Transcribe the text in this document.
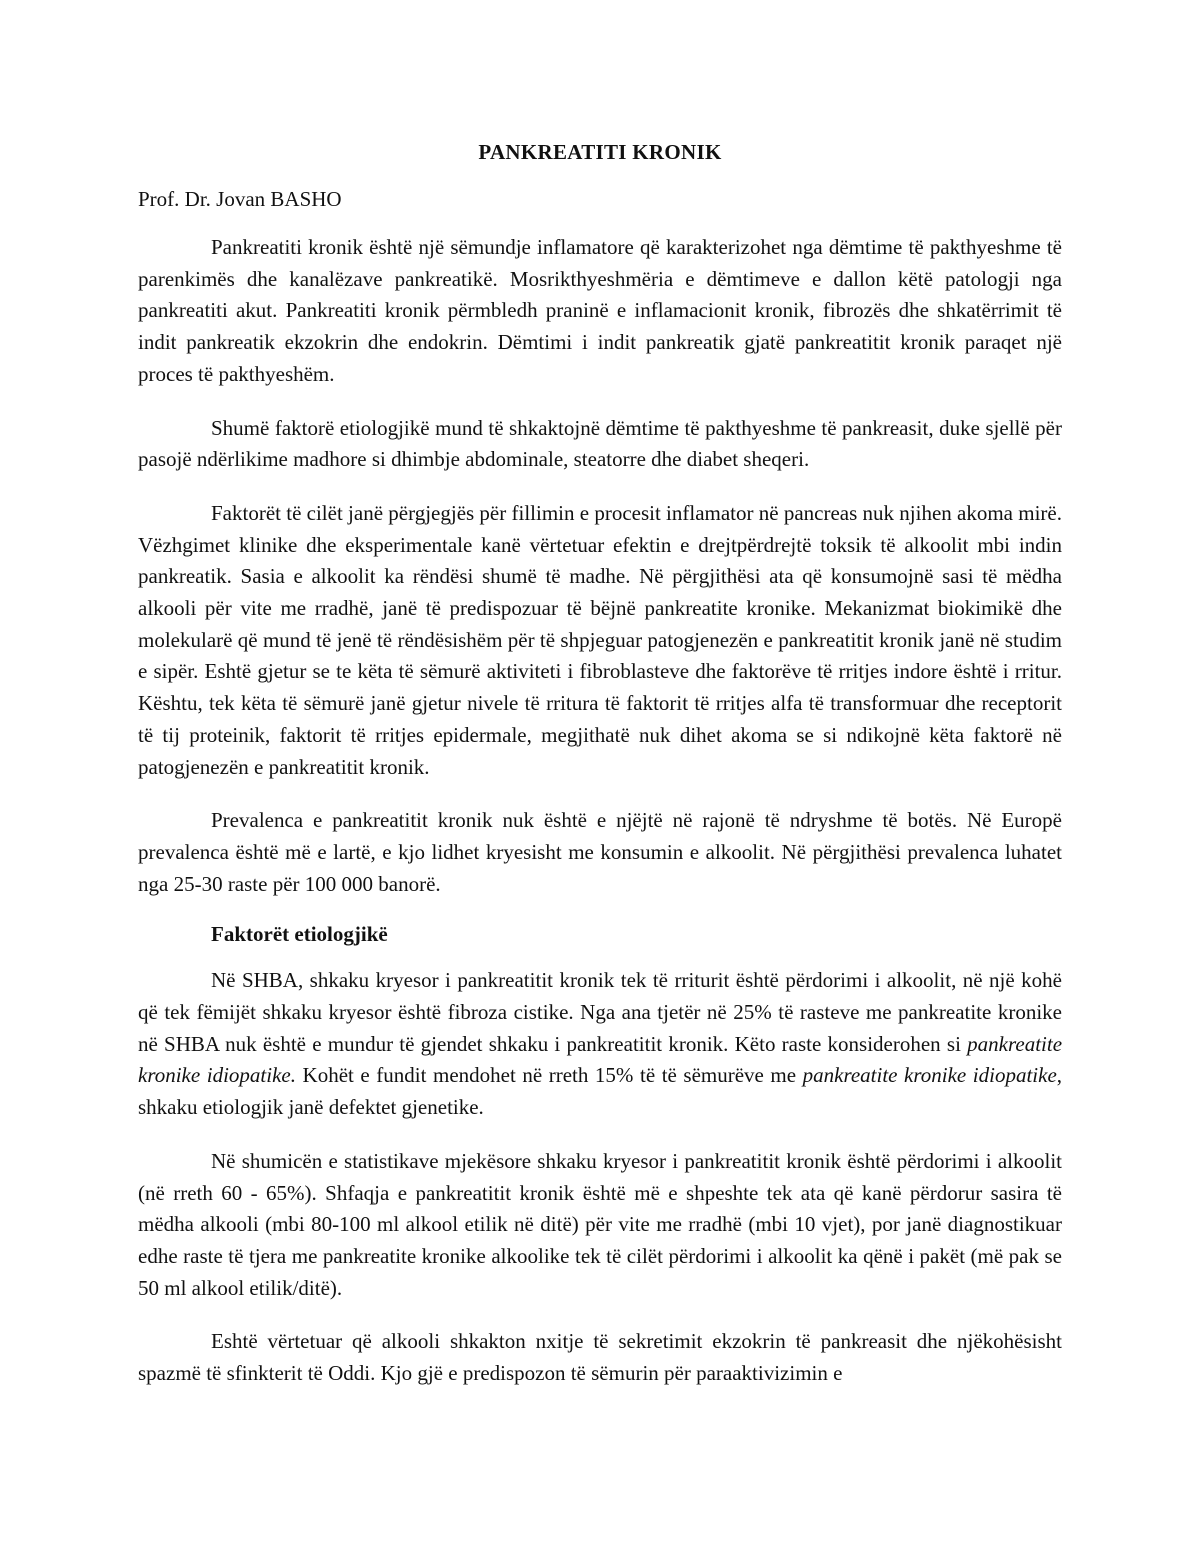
PANKREATITI KRONIK

Prof. Dr. Jovan BASHO

Pankreatiti kronik është një sëmundje inflamatore që karakterizohet nga dëmtime të pakthyeshme të parenkimës dhe kanalëzave pankreatikë. Mosrikthyeshmëria e dëmtimeve e dallon këtë patologji nga pankreatiti akut. Pankreatiti kronik përmbledh praninë e inflamacionit kronik, fibrozës dhe shkatërrimit të indit pankreatik ekzokrin dhe endokrin. Dëmtimi i indit pankreatik gjatë pankreatitit kronik paraqet një proces të pakthyeshëm.

Shumë faktorë etiologjikë mund të shkaktojnë dëmtime të pakthyeshme të pankreasit, duke sjellë për pasojë ndërlikime madhore si dhimbje abdominale, steatorre dhe diabet sheqeri.

Faktorët të cilët janë përgjegjës për fillimin e procesit inflamator në pancreas nuk njihen akoma mirë. Vëzhgimet klinike dhe eksperimentale kanë vërtetuar efektin e drejtpërdrejtë toksik të alkoolit mbi indin pankreatik. Sasia e alkoolit ka rëndësi shumë të madhe. Në përgjithësi ata që konsumojnë sasi të mëdha alkooli për vite me rradhë, janë të predispozuar të bëjnë pankreatite kronike. Mekanizmat biokimikë dhe molekularë që mund të jenë të rëndësishëm për të shpjeguar patogjenezën e pankreatitit kronik janë në studim e sipër. Eshtë gjetur se te këta të sëmurë aktiviteti i fibroblasteve dhe faktorëve të rritjes indore është i rritur. Kështu, tek këta të sëmurë janë gjetur nivele të rritura të faktorit të rritjes alfa të transformuar dhe receptorit të tij proteinik, faktorit të rritjes epidermale, megjithatë nuk dihet akoma se si ndikojnë këta faktorë në patogjenezën e pankreatitit kronik.

Prevalenca e pankreatitit kronik nuk është e njëjtë në rajonë të ndryshme të botës. Në Europë prevalenca është më e lartë, e kjo lidhet kryesisht me konsumin e alkoolit. Në përgjithësi prevalenca luhatet nga 25-30 raste për 100 000 banorë.

Faktorët etiologjikë

Në SHBA, shkaku kryesor i pankreatitit kronik tek të rriturit është përdorimi i alkoolit, në një kohë që tek fëmijët shkaku kryesor është fibroza cistike. Nga ana tjetër në 25% të rasteve me pankreatite kronike në SHBA nuk është e mundur të gjendet shkaku i pankreatitit kronik. Këto raste konsiderohen si pankreatite kronike idiopatike. Kohët e fundit mendohet në rreth 15% të të sëmurëve me pankreatite kronike idiopatike, shkaku etiologjik janë defektet gjenetike.

Në shumicën e statistikave mjekësore shkaku kryesor i pankreatitit kronik është përdorimi i alkoolit (në rreth 60 - 65%). Shfaqja e pankreatitit kronik është më e shpeshte tek ata që kanë përdorur sasira të mëdha alkooli (mbi 80-100 ml alkool etilik në ditë) për vite me rradhë (mbi 10 vjet), por janë diagnostikuar edhe raste të tjera me pankreatite kronike alkoolike tek të cilët përdorimi i alkoolit ka qënë i pakët (më pak se 50 ml alkool etilik/ditë).

Eshtë vërtetuar që alkooli shkakton nxitje të sekretimit ekzokrin të pankreasit dhe njëkohësisht spazmë të sfinkterit të Oddi. Kjo gjë e predispozon të sëmurin për paraaktivizimin e
